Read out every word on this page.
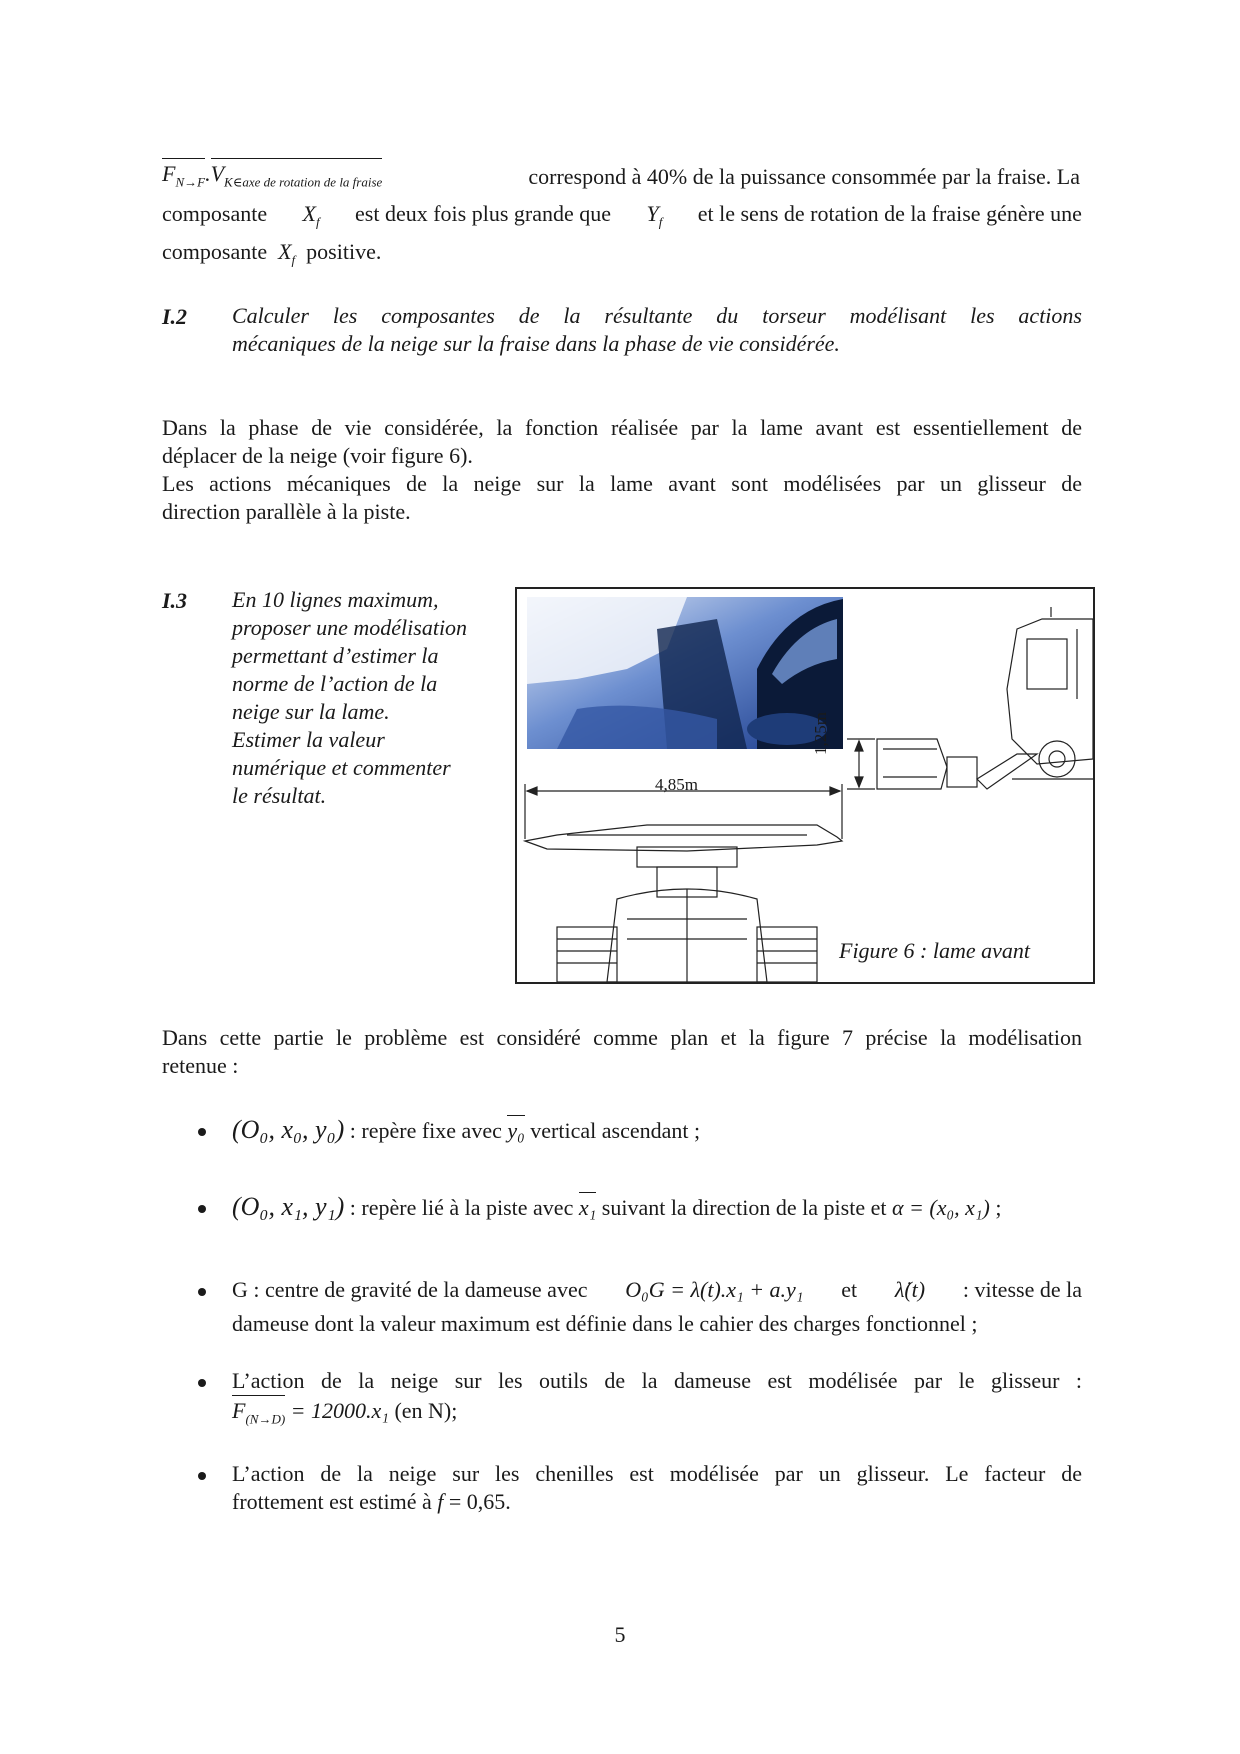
$F_{N\to F}.V_{K\in axe de rotation de la fraise}$	correspond à 40% de la puissance consommée par la fraise. La
composante $X_f$ est deux fois plus grande que $Y_f$ et le sens de rotation de la fraise génère une
composante $X_f$ positive.
I.2 Calculer les composantes de la résultante du torseur modélisant les actions
mécaniques de la neige sur la fraise dans la phase de vie considérée.
Dans la phase de vie considérée, la fonction réalisée par la lame avant est essentiellement de
déplacer de la neige (voir figure 6).
Les actions mécaniques de la neige sur la lame avant sont modélisées par un glisseur de
direction parallèle à la piste.
I.3 En 10 lignes maximum,
proposer une modélisation
permettant d’estimer la
norme de l’action de la
neige sur la lame.
Estimer la valeur
numérique et commenter
le résultat.	4,85m
1,25m
Figure 6 : lame avant
Dans cette partie le problème est considéré comme plan et la figure 7 précise la modélisation
retenue :
(O₀, x₀, y₀) : repère fixe avec y₀ vertical ascendant ;
(O₀, x₁, y₁) : repère lié à la piste avec x₁ suivant la direction de la piste et α = (x₀, x₁) ;
G : centre de gravité de la dameuse avec O₀G = λ(t).x₁ + a.y₁ et λ̇(t) : vitesse de la
dameuse dont la valeur maximum est définie dans le cahier des charges fonctionnel ;
L’action de la neige sur les outils de la dameuse est modélisée par le glisseur :
$F_{(N\to D)} = 12000.x_1$ (en N);
L’action de la neige sur les chenilles est modélisée par un glisseur. Le facteur de
frottement est estimé à f = 0,65.
5
